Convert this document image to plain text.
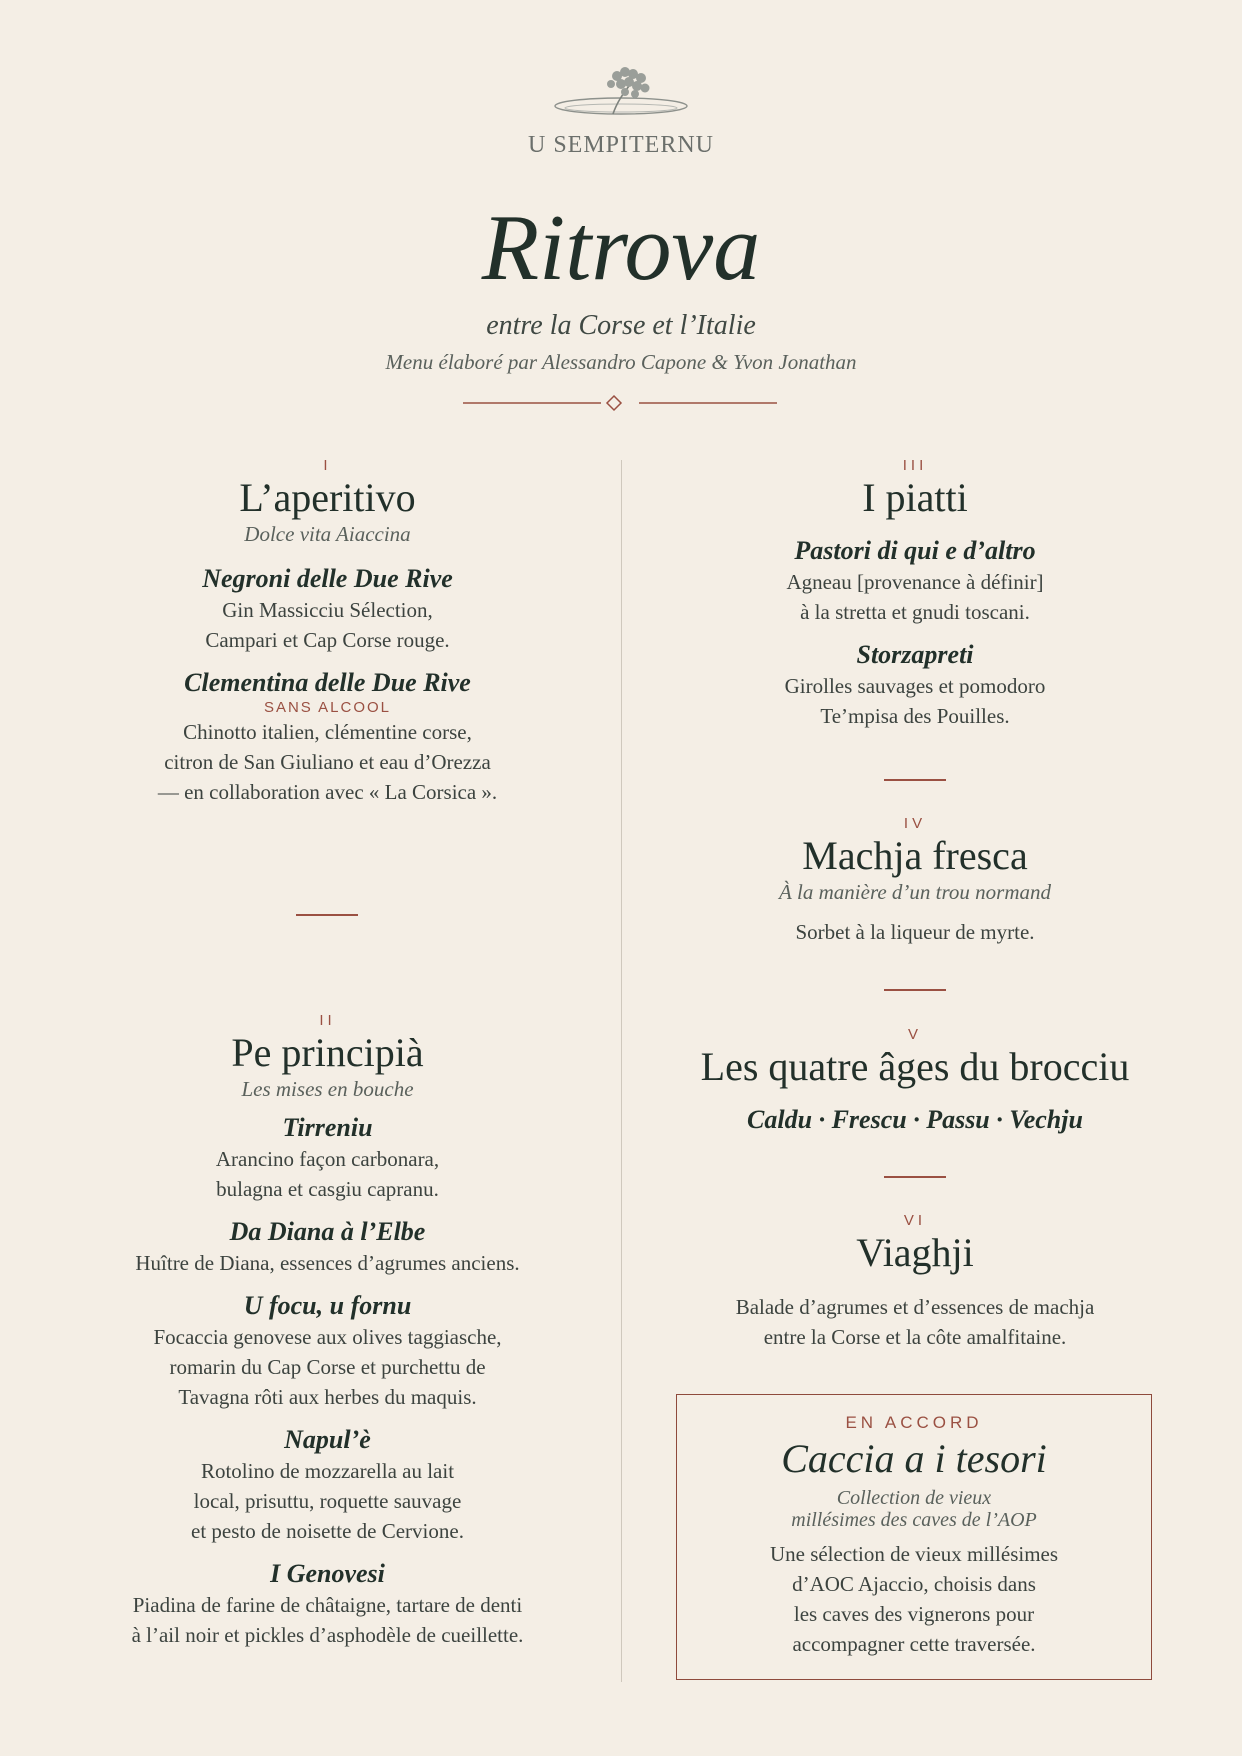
U SEMPITERNU
Ritrova
entre la Corse et l’Italie
Menu élaboré par Alessandro Capone & Yvon Jonathan
I
L’aperitivo
Dolce vita Aiaccina
Negroni delle Due Rive
Gin Massicciu Sélection,
Campari et Cap Corse rouge.
Clementina delle Due Rive
SANS ALCOOL
Chinotto italien, clémentine corse,
citron de San Giuliano et eau d’Orezza
— en collaboration avec « La Corsica ».
II
Pe principià
Les mises en bouche
Tirreniu
Arancino façon carbonara,
bulagna et casgiu capranu.
Da Diana à l’Elbe
Huître de Diana, essences d’agrumes anciens.
U focu, u fornu
Focaccia genovese aux olives taggiasche,
romarin du Cap Corse et purchettu de
Tavagna rôti aux herbes du maquis.
Napul’è
Rotolino de mozzarella au lait
local, prisuttu, roquette sauvage
et pesto de noisette de Cervione.
I Genovesi
Piadina de farine de châtaigne, tartare de denti
à l’ail noir et pickles d’asphodèle de cueillette.
III
I piatti
Pastori di qui e d’altro
Agneau [provenance à définir]
à la stretta et gnudi toscani.
Storzapreti
Girolles sauvages et pomodoro
Te’mpisa des Pouilles.
IV
Machja fresca
À la manière d’un trou normand
Sorbet à la liqueur de myrte.
V
Les quatre âges du brocciu
Caldu · Frescu · Passu · Vechju
VI
Viaghji
Balade d’agrumes et d’essences de machja
entre la Corse et la côte amalfitaine.
EN ACCORD
Caccia a i tesori
Collection de vieux
millésimes des caves de l’AOP
Une sélection de vieux millésimes
d’AOC Ajaccio, choisis dans
les caves des vignerons pour
accompagner cette traversée.
